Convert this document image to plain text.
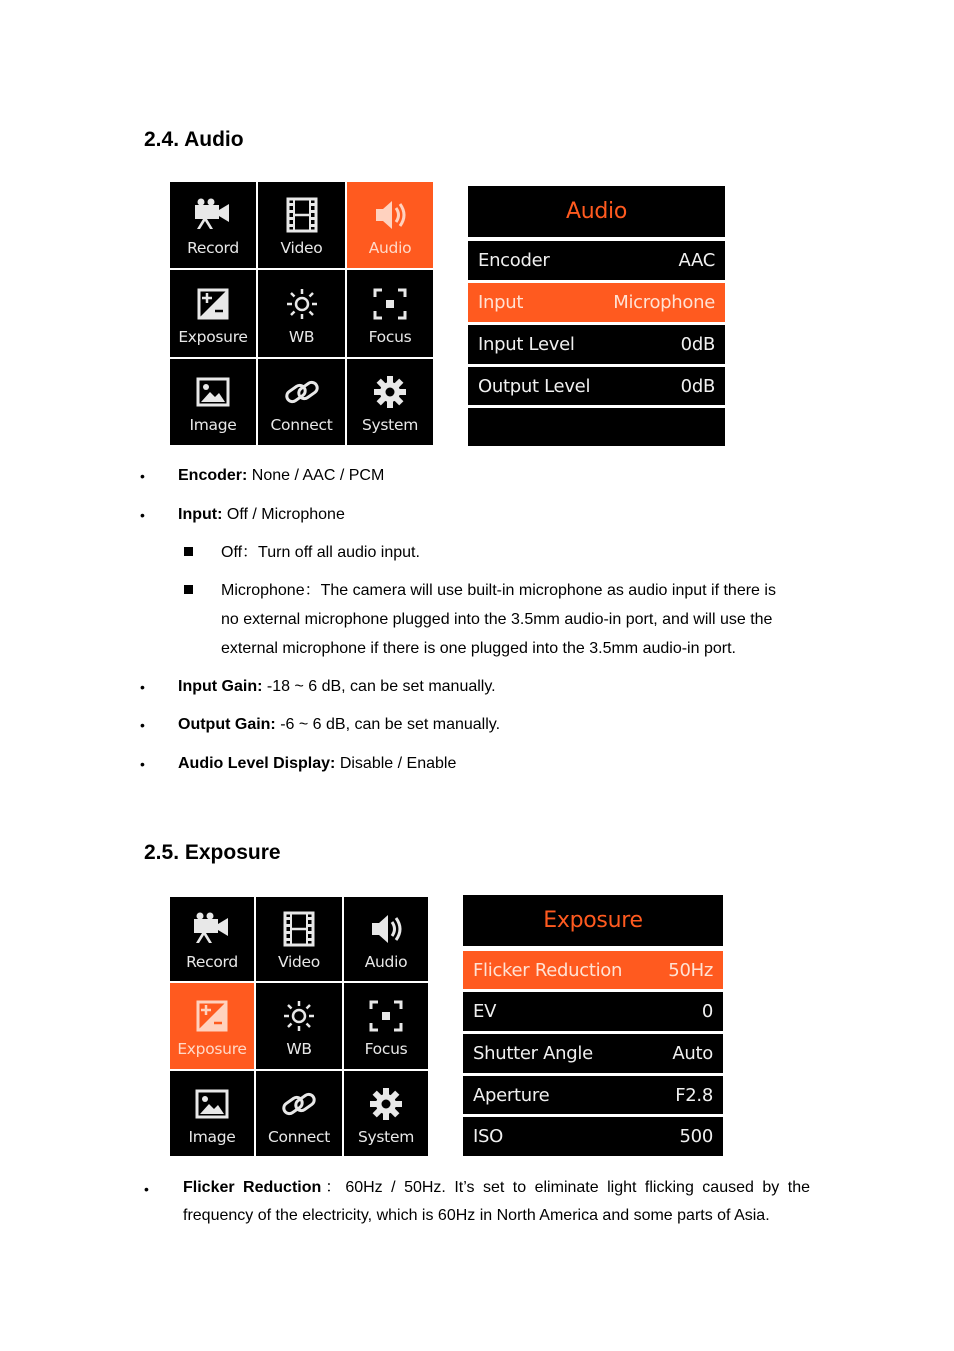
2.4. Audio
Record	Video	Audio
Exposure	WB	Focus
Image Connect System
Audio
Encoder	AAC
Input	Microphone
Input Level	0dB
Output Level	0dB
• Encoder: None / AAC / PCM
• Input: Off / Microphone
Off：Turn off all audio input.
Microphone：The camera will use built-in microphone as audio input if there is
no external microphone plugged into the 3.5mm audio-in port, and will use the
external microphone if there is one plugged into the 3.5mm audio-in port.
• Input Gain: -18 ~ 6 dB, can be set manually.
• Output Gain: -6 ~ 6 dB, can be set manually.
• Audio Level Display: Disable / Enable
2.5. Exposure
Record	Video	Audio
Exposure	WB	Focus
Image Connect System
Exposure
Flicker Reduction	50Hz
EV	0
Shutter Angle	Auto
Aperture	F2.8
ISO	500
• Flicker Reduction：60Hz / 50Hz. It’s set to eliminate light flicking caused by the
frequency of the electricity, which is 60Hz in North America and some parts of Asia.
